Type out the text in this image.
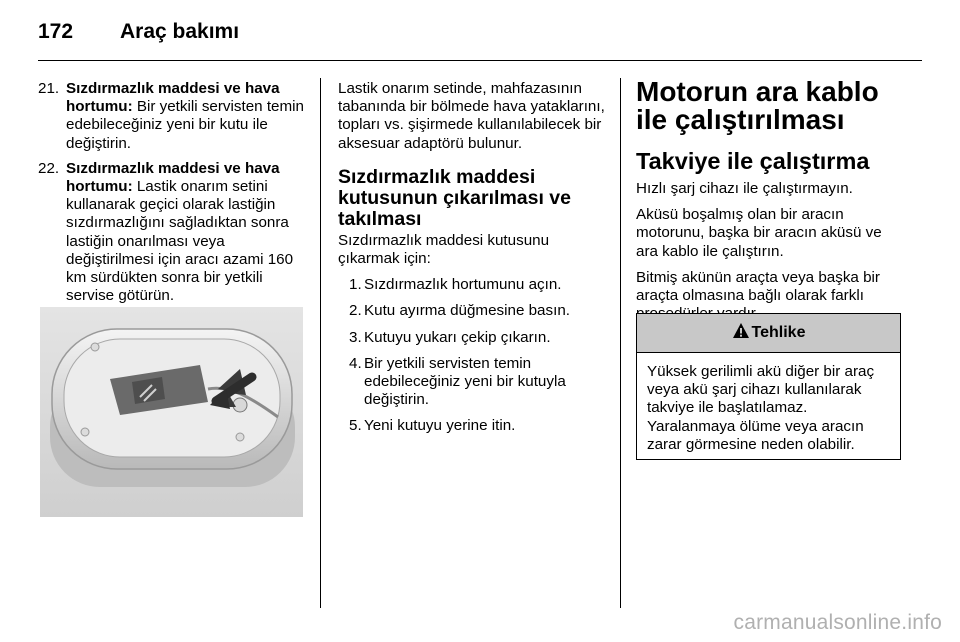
172 Araç bakımı
21. Sızdırmazlık maddesi ve hava hortumu: Bir yetkili servisten temin edebileceğiniz yeni bir kutu ile değiştirin.
22. Sızdırmazlık maddesi ve hava hortumu: Lastik onarım setini kullanarak geçici olarak lastiğin sızdırmazlığını sağladıktan sonra lastiğin onarılması veya değiştirilmesi için aracı azami 160 km sürdükten sonra bir yetkili servise götürün.

Lastik onarım setinde, mahfazasının tabanında bir bölmede hava yataklarını, topları vs. şişirmede kullanılabilecek bir aksesuar adaptörü bulunur.

Sızdırmazlık maddesi kutusunun çıkarılması ve takılması

Sızdırmazlık maddesi kutusunu çıkarmak için:

1. Sızdırmazlık hortumunu açın.
2. Kutu ayırma düğmesine basın.
3. Kutuyu yukarı çekip çıkarın.
4. Bir yetkili servisten temin edebileceğiniz yeni bir kutuyla değiştirin.
5. Yeni kutuyu yerine itin.
Motorun ara kablo ile çalıştırılması
Takviye ile çalıştırma

Hızlı şarj cihazı ile çalıştırmayın.

Aküsü boşalmış olan bir aracın motorunu, başka bir aracın aküsü ve ara kablo ile çalıştırın.

Bitmiş akünün araçta veya başka bir araçta olmasına bağlı olarak farklı

Tehlike
Yüksek gerilimli akü diğer bir araç veya akü şarj cihazı kullanılarak takviye ile başlatılamaz. Yaralanmaya ölüme veya aracın zarar görmesine neden olabilir.
carmanualsonline.info
